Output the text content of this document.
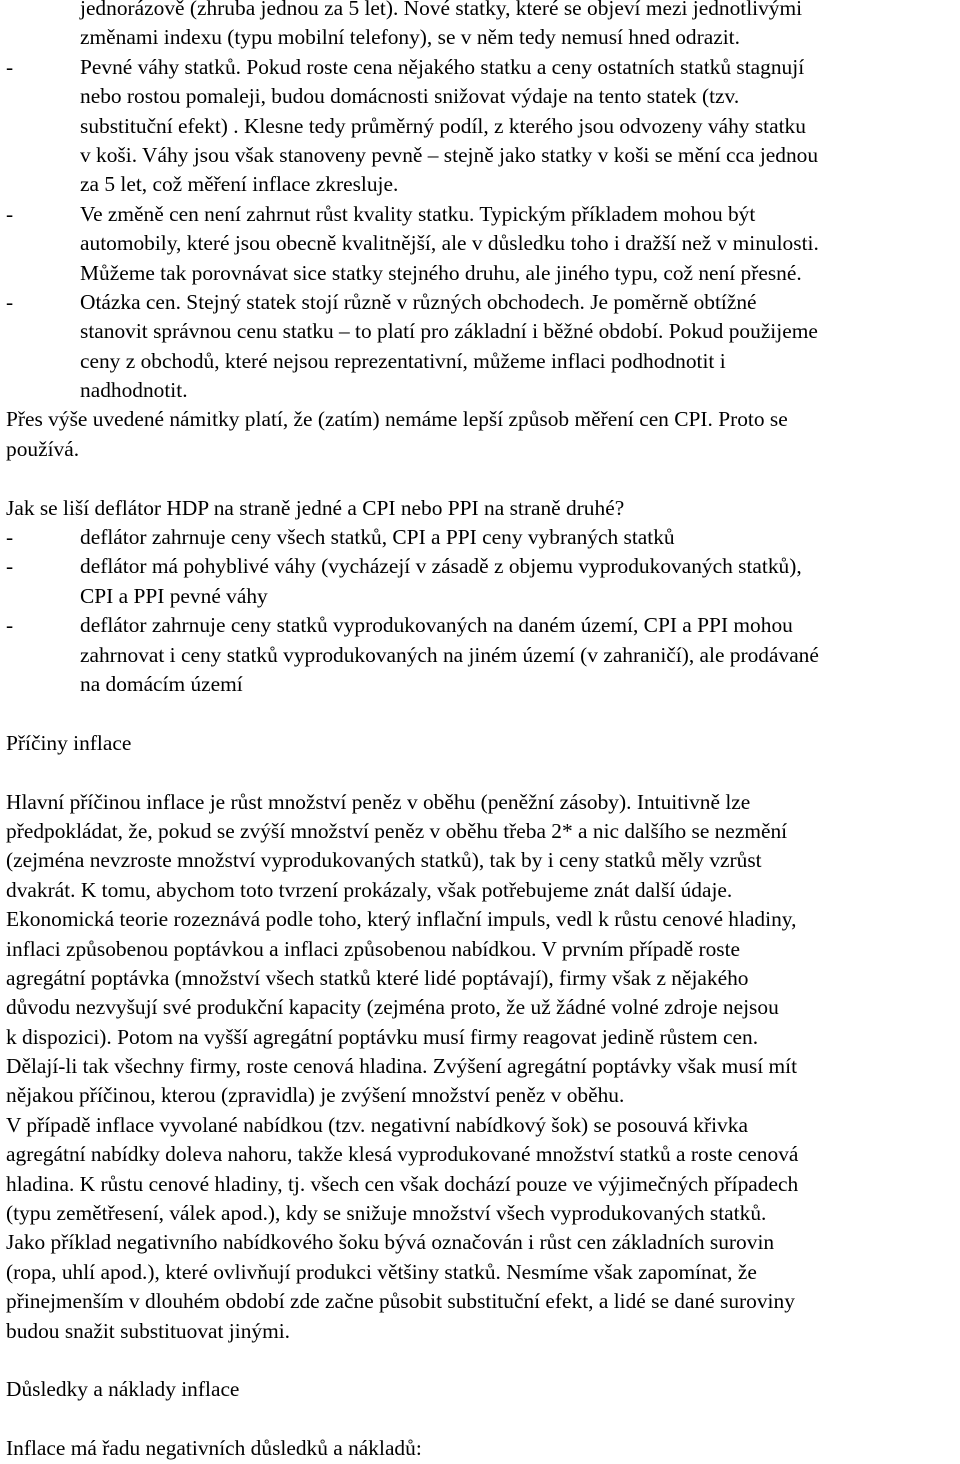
jednorázově (zhruba jednou za 5 let). Nové statky, které se objeví mezi jednotlivými
změnami indexu (typu mobilní telefony), se v něm tedy nemusí hned odrazit.
-	Pevné váhy statků. Pokud roste cena nějakého statku a ceny ostatních statků stagnují
nebo rostou pomaleji, budou domácnosti snižovat výdaje na tento statek (tzv.
substituční efekt) . Klesne tedy průměrný podíl, z kterého jsou odvozeny váhy statku
v koši. Váhy jsou však stanoveny pevně – stejně jako statky v koši se mění cca jednou
za 5 let, což měření inflace zkresluje.
-	Ve změně cen není zahrnut růst kvality statku. Typickým příkladem mohou být
automobily, které jsou obecně kvalitnější, ale v důsledku toho i dražší než v minulosti.
Můžeme tak porovnávat sice statky stejného druhu, ale jiného typu, což není přesné.
-	Otázka cen. Stejný statek stojí různě v různých obchodech. Je poměrně obtížné
stanovit správnou cenu statku – to platí pro základní i běžné období. Pokud použijeme
ceny z obchodů, které nejsou reprezentativní, můžeme inflaci podhodnotit i
nadhodnotit.
Přes výše uvedené námitky platí, že (zatím) nemáme lepší způsob měření cen CPI. Proto se
používá.
Jak se liší deflátor HDP na straně jedné a CPI nebo PPI na straně druhé?
-	deflátor zahrnuje ceny všech statků, CPI a PPI ceny vybraných statků
-	deflátor má pohyblivé váhy (vycházejí v zásadě z objemu vyprodukovaných statků),
CPI a PPI pevné váhy
-	deflátor zahrnuje ceny statků vyprodukovaných na daném území, CPI a PPI mohou
zahrnovat i ceny statků vyprodukovaných na jiném území (v zahraničí), ale prodávané
na domácím území
Příčiny inflace
Hlavní příčinou inflace je růst množství peněz v oběhu (peněžní zásoby). Intuitivně lze
předpokládat, že, pokud se zvýší množství peněz v oběhu třeba 2* a nic dalšího se nezmění
(zejména nevzroste množství vyprodukovaných statků), tak by i ceny statků měly vzrůst
dvakrát. K tomu, abychom toto tvrzení prokázaly, však potřebujeme znát další údaje.
Ekonomická teorie rozeznává podle toho, který inflační impuls, vedl k růstu cenové hladiny,
inflaci způsobenou poptávkou a inflaci způsobenou nabídkou. V prvním případě roste
agregátní poptávka (množství všech statků které lidé poptávají), firmy však z nějakého
důvodu nezvyšují své produkční kapacity (zejména proto, že už žádné volné zdroje nejsou
k dispozici). Potom na vyšší agregátní poptávku musí firmy reagovat jedině růstem cen.
Dělají-li tak všechny firmy, roste cenová hladina. Zvýšení agregátní poptávky však musí mít
nějakou příčinou, kterou (zpravidla) je zvýšení množství peněz v oběhu.
V případě inflace vyvolané nabídkou (tzv. negativní nabídkový šok) se posouvá křivka
agregátní nabídky doleva nahoru, takže klesá vyprodukované množství statků a roste cenová
hladina. K růstu cenové hladiny, tj. všech cen však dochází pouze ve výjimečných případech
(typu zemětřesení, válek apod.), kdy se snižuje množství všech vyprodukovaných statků.
Jako příklad negativního nabídkového šoku bývá označován i růst cen základních surovin
(ropa, uhlí apod.), které ovlivňují produkci většiny statků. Nesmíme však zapomínat, že
přinejmenším v dlouhém období zde začne působit substituční efekt, a lidé se dané suroviny
budou snažit substituovat jinými.
Důsledky a náklady inflace
Inflace má řadu negativních důsledků a nákladů:
